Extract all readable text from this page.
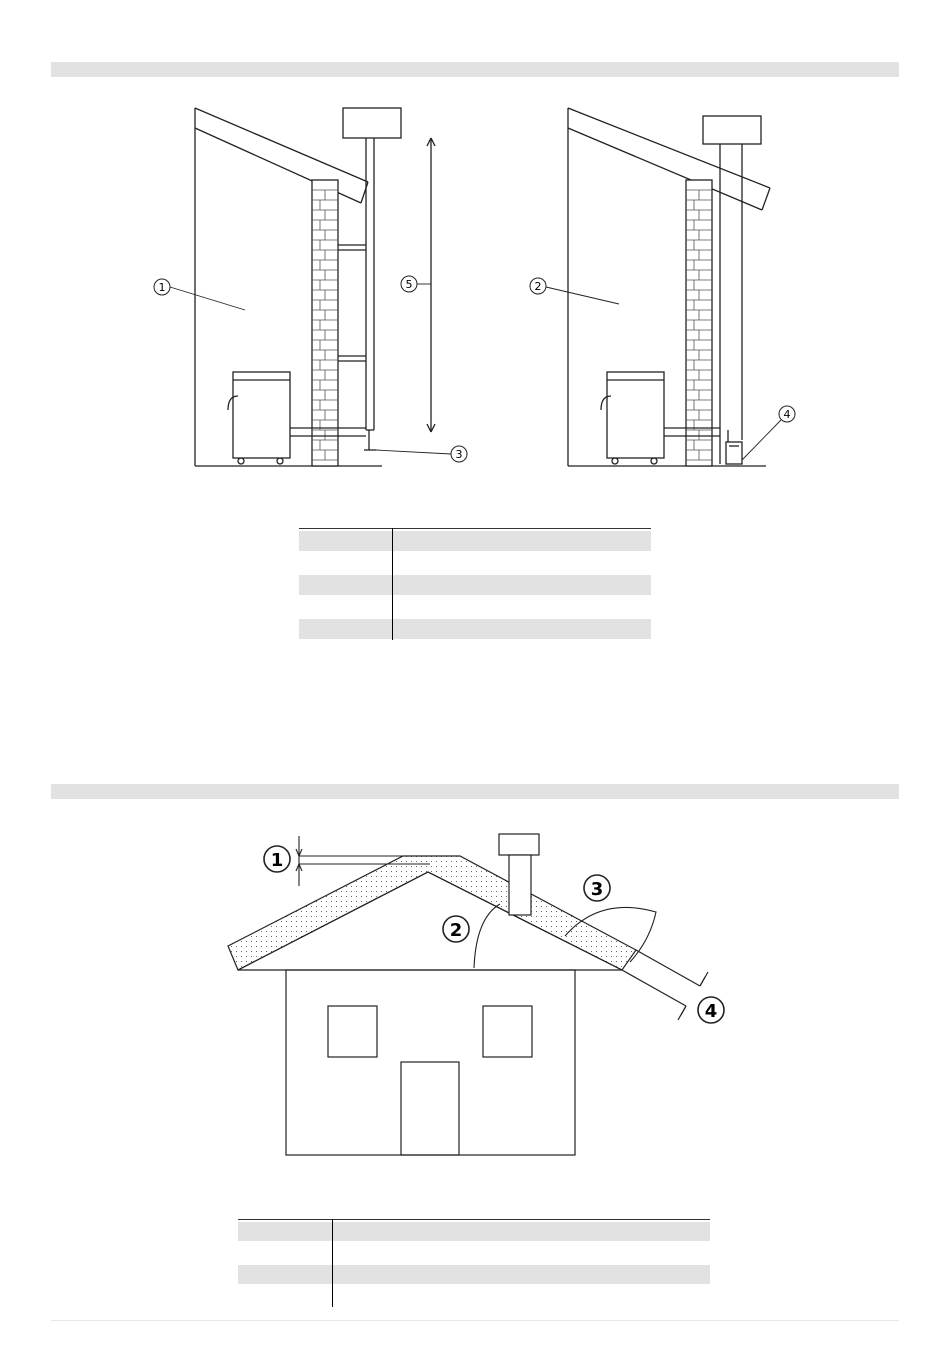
1	5
3
2
4
1
2
3
4
